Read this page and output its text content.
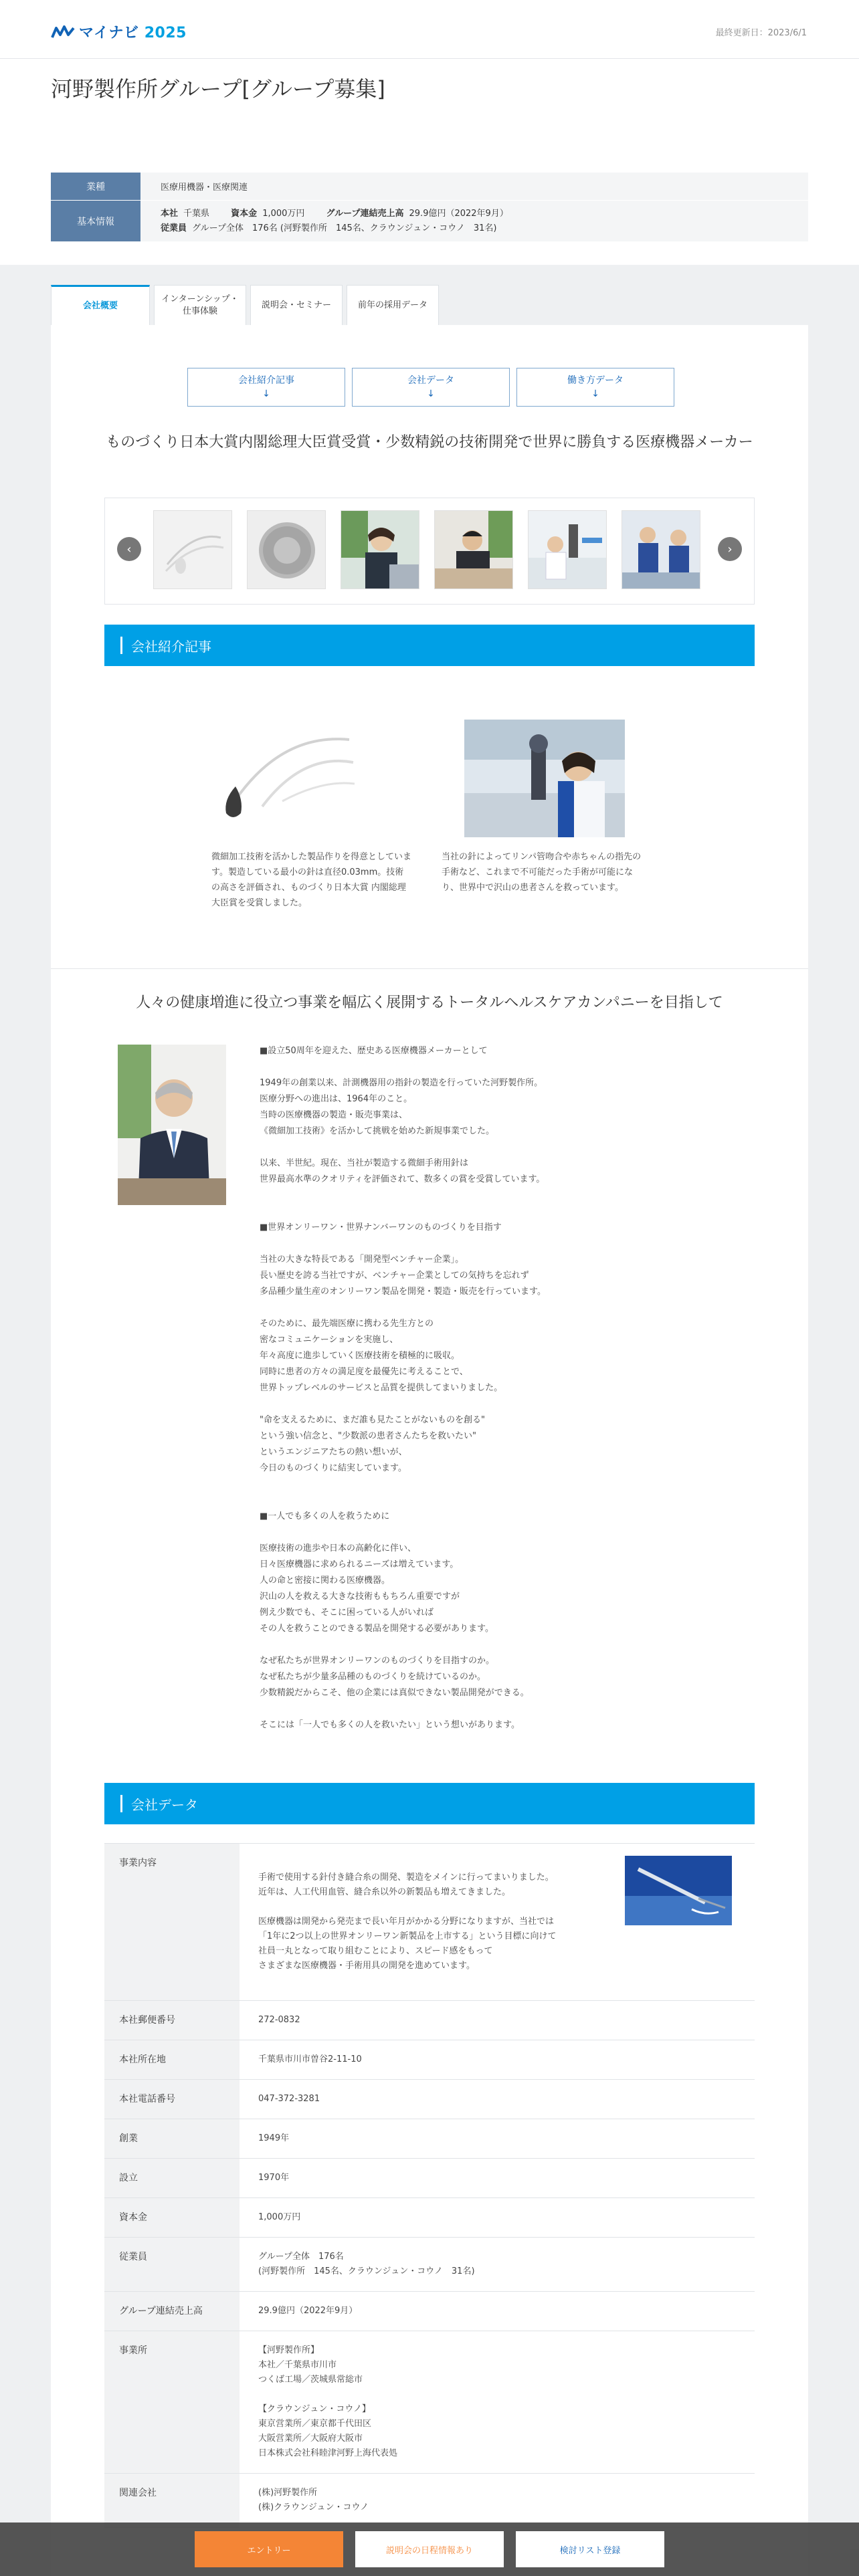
マイナビ 2025	最終更新日：2023/6/1
河野製作所グループ[グループ募集]
業種	医療用機器・医療関連
基本情報
本社 千葉県 資本金 1,000万円 グループ連結売上高 29.9億円（2022年9月）
従業員 グループ全体　176名 (河野製作所　145名、クラウンジュン・コウノ　31名)
会社概要
インターンシップ・
仕事体験
説明会・セミナー	前年の採用データ
会社紹介記事
↓
会社データ
↓
働き方データ
↓
ものづくり日本大賞内閣総理大臣賞受賞・少数精鋭の技術開発で世界に勝負する医療機器メーカー
‹	›
会社紹介記事
微細加工技術を活かした製品作りを得意としています。製造している最小の針は直径0.03mm。技術の高さを評価され、ものづくり日本大賞 内閣総理大臣賞を受賞しました。
当社の針によってリンパ管吻合や赤ちゃんの指先の手術など、これまで不可能だった手術が可能になり、世界中で沢山の患者さんを救っています。
人々の健康増進に役立つ事業を幅広く展開するトータルヘルスケアカンパニーを目指して

■設立50周年を迎えた、歴史ある医療機器メーカーとして

1949年の創業以来、計測機器用の指針の製造を行っていた河野製作所。
医療分野への進出は、1964年のこと。
当時の医療機器の製造・販売事業は、
《微細加工技術》を活かして挑戦を始めた新規事業でした。

以来、半世紀。現在、当社が製造する微細手術用針は
世界最高水準のクオリティを評価されて、数多くの賞を受賞しています。

■世界オンリーワン・世界ナンバーワンのものづくりを目指す

当社の大きな特長である「開発型ベンチャー企業」。
長い歴史を誇る当社ですが、ベンチャー企業としての気持ちを忘れず
多品種少量生産のオンリーワン製品を開発・製造・販売を行っています。

そのために、最先端医療に携わる先生方との
密なコミュニケーションを実施し、
年々高度に進歩していく医療技術を積極的に吸収。
同時に患者の方々の満足度を最優先に考えることで、
世界トップレベルのサービスと品質を提供してまいりました。

"命を支えるために、まだ誰も見たことがないものを創る"
という強い信念と、"少数派の患者さんたちを救いたい"
というエンジニアたちの熱い想いが、
今日のものづくりに結実しています。

■一人でも多くの人を救うために

医療技術の進歩や日本の高齢化に伴い、
日々医療機器に求められるニーズは増えています。
人の命と密接に関わる医療機器。
沢山の人を救える大きな技術ももちろん重要ですが
例え少数でも、そこに困っている人がいれば
その人を救うことのできる製品を開発する必要があります。

なぜ私たちが世界オンリーワンのものづくりを目指すのか。
なぜ私たちが少量多品種のものづくりを続けているのか。
少数精鋭だからこそ、他の企業には真似できない製品開発ができる。

そこには「一人でも多くの人を救いたい」という想いがあります。

会社データ
事業内容

手術で使用する針付き縫合糸の開発、製造をメインに行ってまいりました。
近年は、人工代用血管、縫合糸以外の新製品も増えてきました。

医療機器は開発から発売まで長い年月がかかる分野になりますが、当社では
「1年に2つ以上の世界オンリーワン新製品を上市する」という目標に向けて
社員一丸となって取り組むことにより、スピード感をもって
さまざまな医療機器・手術用具の開発を進めています。

本社郵便番号	272-0832
本社所在地	千葉県市川市曽谷2-11-10
本社電話番号	047-372-3281
創業	1949年
設立	1970年
資本金	1,000万円
従業員	グループ全体　176名
(河野製作所　145名、クラウンジュン・コウノ　31名)
グループ連結売上高	29.9億円（2022年9月）
事業所	【河野製作所】
本社／千葉県市川市
つくば工場／茨城県常総市

【クラウンジュン・コウノ】
東京営業所／東京都千代田区
大阪営業所／大阪府大阪市
日本株式会社科睦津河野上海代表処
関連会社	(株)河野製作所
(株)クラウンジュン・コウノ
エントリー	説明会の日程情報あり	検討リスト登録
